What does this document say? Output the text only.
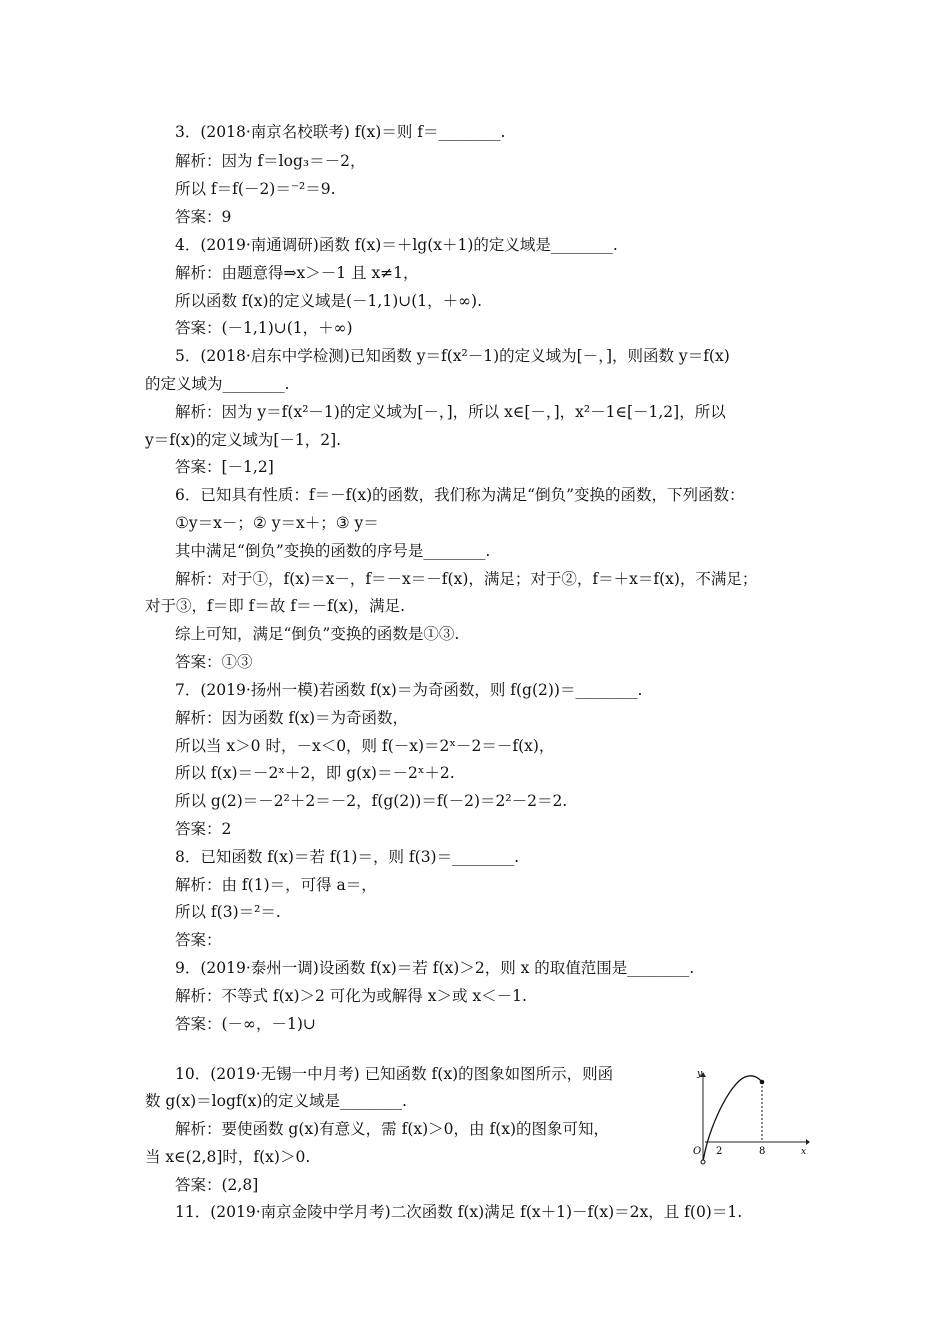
3．(2018·南京名校联考) f(x)＝则 f＝________.
解析：因为 f＝log₃＝－2，
所以 f＝f(－2)＝⁻²＝9.
答案：9
4．(2019·南通调研)函数 f(x)＝＋lg(x＋1)的定义域是________.
解析：由题意得⇒x＞－1 且 x≠1，
所以函数 f(x)的定义域是(－1,1)∪(1，＋∞).
答案：(－1,1)∪(1，＋∞)
5．(2018·启东中学检测)已知函数 y＝f(x²－1)的定义域为[－，]，则函数 y＝f(x)
的定义域为________.
解析：因为 y＝f(x²－1)的定义域为[－，]，所以 x∈[－，]，x²－1∈[－1,2]，所以
y＝f(x)的定义域为[－1，2].
答案：[－1,2]
6．已知具有性质：f＝－f(x)的函数，我们称为满足“倒负”变换的函数，下列函数：
①y＝x－；② y＝x＋；③ y＝
其中满足“倒负”变换的函数的序号是________.
解析：对于①，f(x)＝x－，f＝－x＝－f(x)，满足；对于②，f＝＋x＝f(x)，不满足；
对于③，f＝即 f＝故 f＝－f(x)，满足.
综上可知，满足“倒负”变换的函数是①③.
答案：①③
7．(2019·扬州一模)若函数 f(x)＝为奇函数，则 f(g(2))＝________.
解析：因为函数 f(x)＝为奇函数，
所以当 x＞0 时，－x＜0，则 f(－x)＝2ˣ－2＝－f(x)，
所以 f(x)＝－2ˣ＋2，即 g(x)＝－2ˣ＋2.
所以 g(2)＝－2²＋2＝－2，f(g(2))＝f(－2)＝2²－2＝2.
答案：2
8．已知函数 f(x)＝若 f(1)＝，则 f(3)＝________.
解析：由 f(1)＝，可得 a＝，
所以 f(3)＝²＝.
答案：
9．(2019·泰州一调)设函数 f(x)＝若 f(x)＞2，则 x 的取值范围是________.
解析：不等式 f(x)＞2 可化为或解得 x＞或 x＜－1.
答案：(－∞，－1)∪
10．(2019·无锡一中月考) 已知函数 f(x)的图象如图所示，则函
数 g(x)＝logf(x)的定义域是________.
解析：要使函数 g(x)有意义，需 f(x)＞0，由 f(x)的图象可知，
当 x∈(2,8]时，f(x)＞0.
答案：(2,8]
11．(2019·南京金陵中学月考)二次函数 f(x)满足 f(x＋1)－f(x)＝2x，且 f(0)＝1.
y
O 2	8	x
